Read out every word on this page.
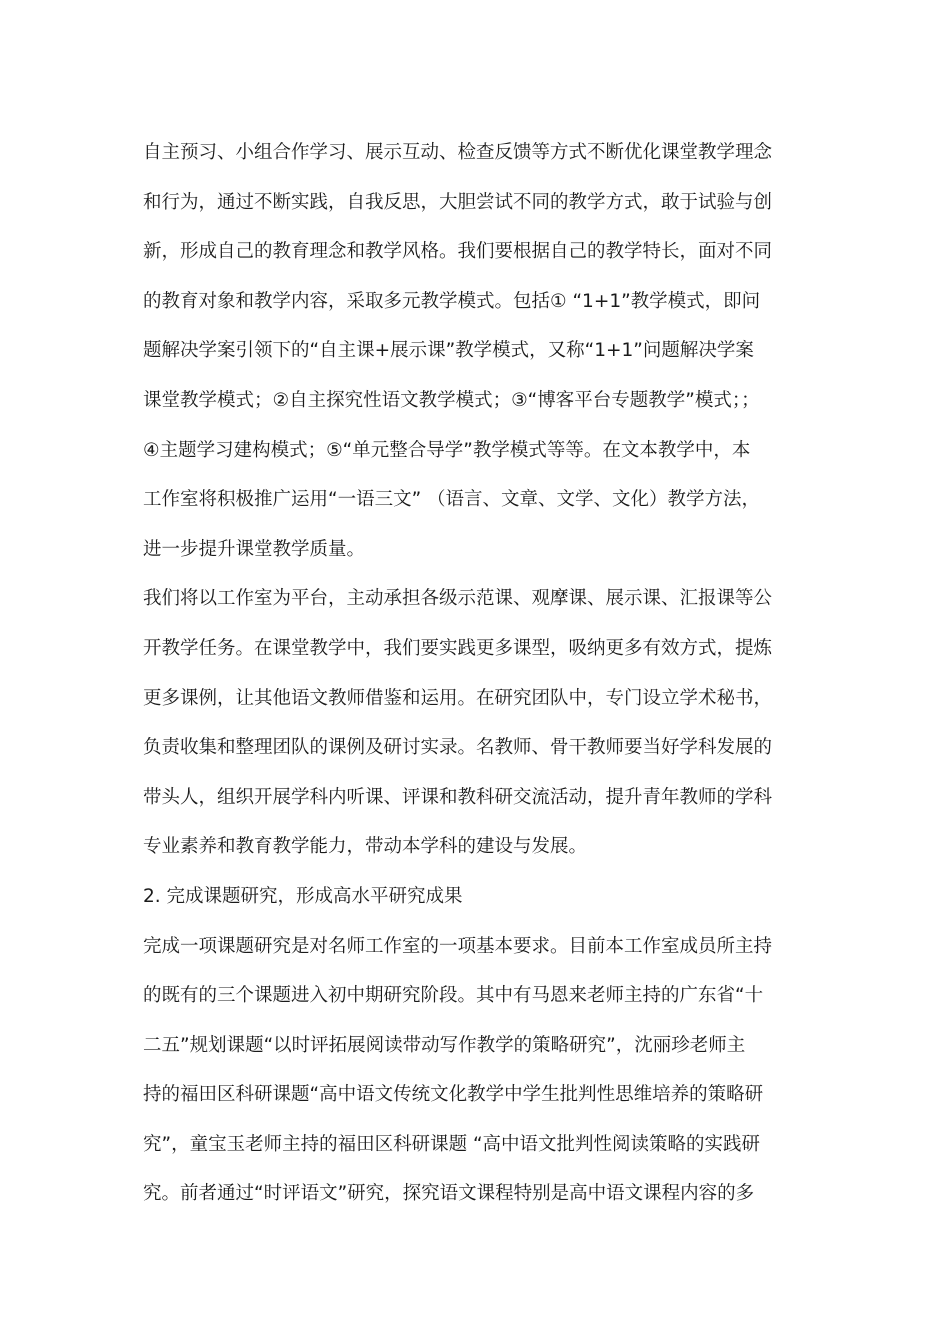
自主预习、小组合作学习、展示互动、检查反馈等方式不断优化课堂教学理念
和行为，通过不断实践，自我反思，大胆尝试不同的教学方式，敢于试验与创
新，形成自己的教育理念和教学风格。我们要根据自己的教学特长，面对不同
的教育对象和教学内容，采取多元教学模式。包括① “1+1”教学模式，即问
题解决学案引领下的“自主课+展示课”教学模式，又称“1+1”问题解决学案
课堂教学模式；②自主探究性语文教学模式；③“博客平台专题教学”模式；；
④主题学习建构模式；⑤“单元整合导学”教学模式等等。在文本教学中，本
工作室将积极推广运用“一语三文” （语言、文章、文学、文化）教学方法，
进一步提升课堂教学质量。
我们将以工作室为平台，主动承担各级示范课、观摩课、展示课、汇报课等公
开教学任务。在课堂教学中，我们要实践更多课型，吸纳更多有效方式，提炼
更多课例，让其他语文教师借鉴和运用。在研究团队中，专门设立学术秘书，
负责收集和整理团队的课例及研讨实录。名教师、骨干教师要当好学科发展的
带头人，组织开展学科内听课、评课和教科研交流活动，提升青年教师的学科
专业素养和教育教学能力，带动本学科的建设与发展。
2. 完成课题研究，形成高水平研究成果
完成一项课题研究是对名师工作室的一项基本要求。目前本工作室成员所主持
的既有的三个课题进入初中期研究阶段。其中有马恩来老师主持的广东省“十
二五”规划课题“以时评拓展阅读带动写作教学的策略研究”，沈丽珍老师主
持的福田区科研课题“高中语文传统文化教学中学生批判性思维培养的策略研
究”，童宝玉老师主持的福田区科研课题 “高中语文批判性阅读策略的实践研
究。前者通过“时评语文”研究，探究语文课程特别是高中语文课程内容的多
